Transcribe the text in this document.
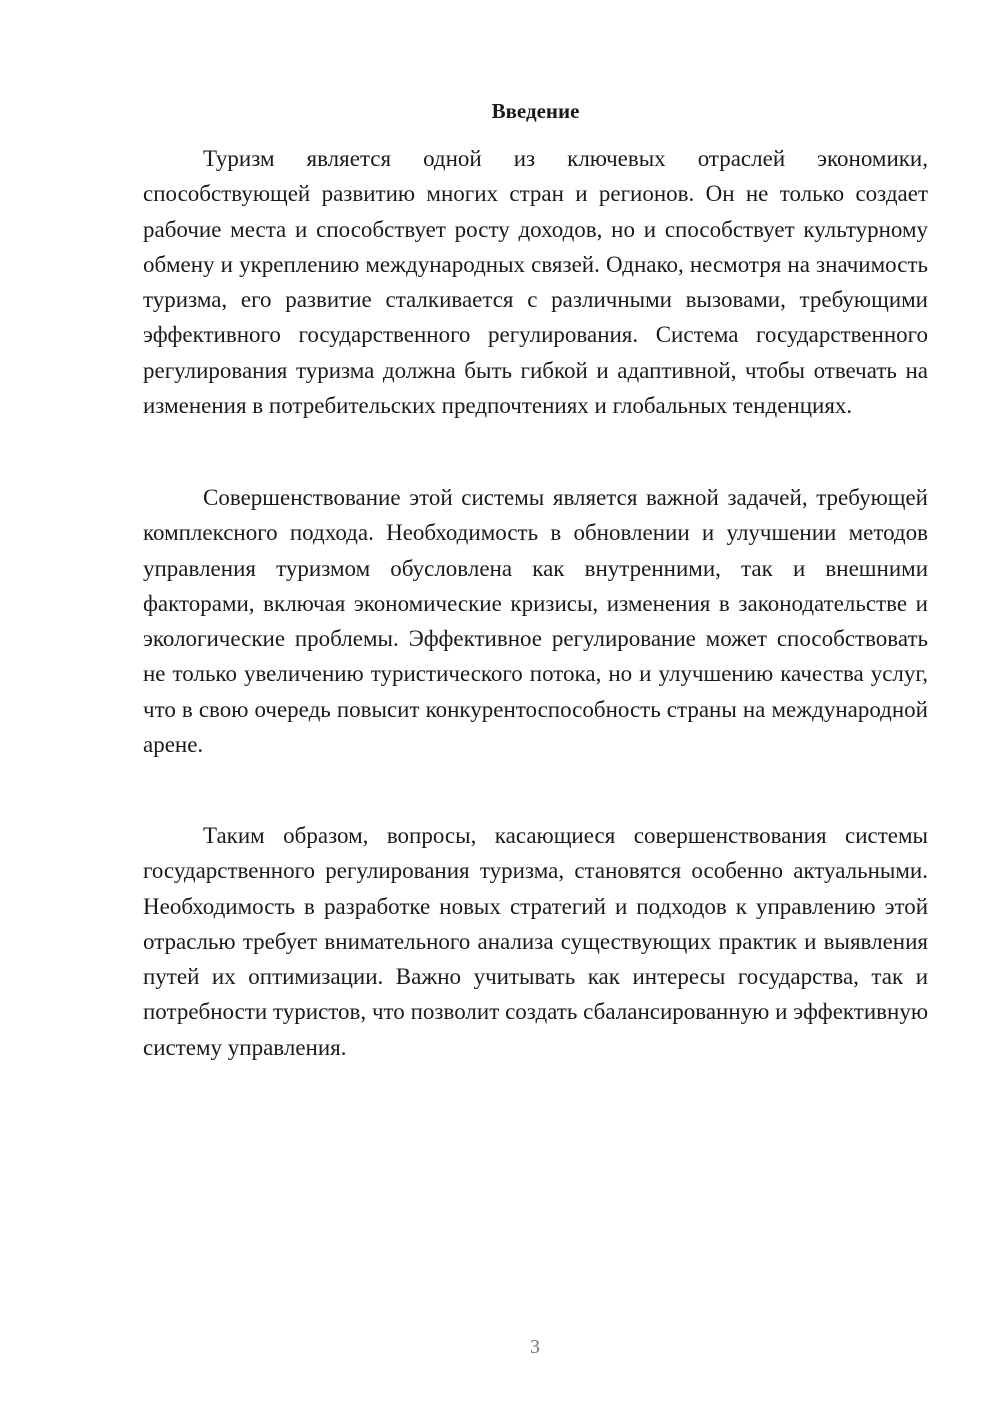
Введение

Туризм является одной из ключевых отраслей экономики, способствующей развитию многих стран и регионов. Он не только создает рабочие места и способствует росту доходов, но и способствует культурному обмену и укреплению международных связей. Однако, несмотря на значимость туризма, его развитие сталкивается с различными вызовами, требующими эффективного государственного регулирования. Система государственного регулирования туризма должна быть гибкой и адаптивной, чтобы отвечать на изменения в потребительских предпочтениях и глобальных тенденциях.

Совершенствование этой системы является важной задачей, требующей комплексного подхода. Необходимость в обновлении и улучшении методов управления туризмом обусловлена как внутренними, так и внешними факторами, включая экономические кризисы, изменения в законодательстве и экологические проблемы. Эффективное регулирование может способствовать не только увеличению туристического потока, но и улучшению качества услуг, что в свою очередь повысит конкурентоспособность страны на международной арене.

Таким образом, вопросы, касающиеся совершенствования системы государственного регулирования туризма, становятся особенно актуальными. Необходимость в разработке новых стратегий и подходов к управлению этой отраслью требует внимательного анализа существующих практик и выявления путей их оптимизации. Важно учитывать как интересы государства, так и потребности туристов, что позволит создать сбалансированную и эффективную систему управления.

3
